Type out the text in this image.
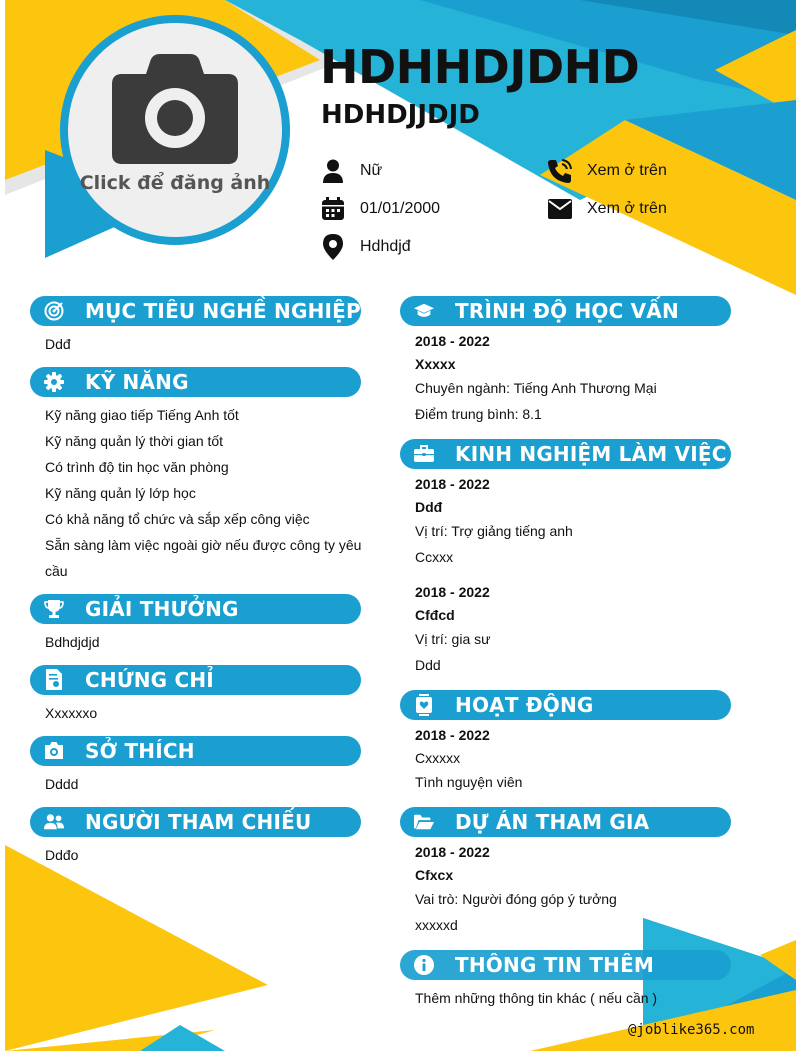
Click để đăng ảnh
HDHHDJDHD
HDHDJJDJD
Nữ	Xem ở trên
01/01/2000	Xem ở trên
Hdhdjđ
MỤC TIÊU NGHỀ NGHIỆP
Ddđ
KỸ NĂNG
Kỹ năng giao tiếp Tiếng Anh tốt
Kỹ năng quản lý thời gian tốt
Có trình độ tin học văn phòng
Kỹ năng quản lý lớp học
Có khả năng tổ chức và sắp xếp công việc
Sẵn sàng làm việc ngoài giờ nếu được công ty yêu
cầu
GIẢI THƯỞNG
Bdhdjdjd
CHỨNG CHỈ
Xxxxxxo
SỞ THÍCH
Dddd
NGƯỜI THAM CHIẾU
Ddđo
TRÌNH ĐỘ HỌC VẤN
2018 - 2022
Xxxxx
Chuyên ngành: Tiếng Anh Thương Mại
Điểm trung bình: 8.1
KINH NGHIỆM LÀM VIỆC
2018 - 2022
Ddđ
Vị trí: Trợ giảng tiếng anh
Ccxxx
2018 - 2022
Cfđcd
Vị trí: gia sư
Ddd
HOẠT ĐỘNG
2018 - 2022
Cxxxxx
Tình nguyện viên
DỰ ÁN THAM GIA
2018 - 2022
Cfxcx
Vai trò: Người đóng góp ý tưởng
xxxxxd
THÔNG TIN THÊM
Thêm những thông tin khác ( nếu cần )
@joblike365.com
